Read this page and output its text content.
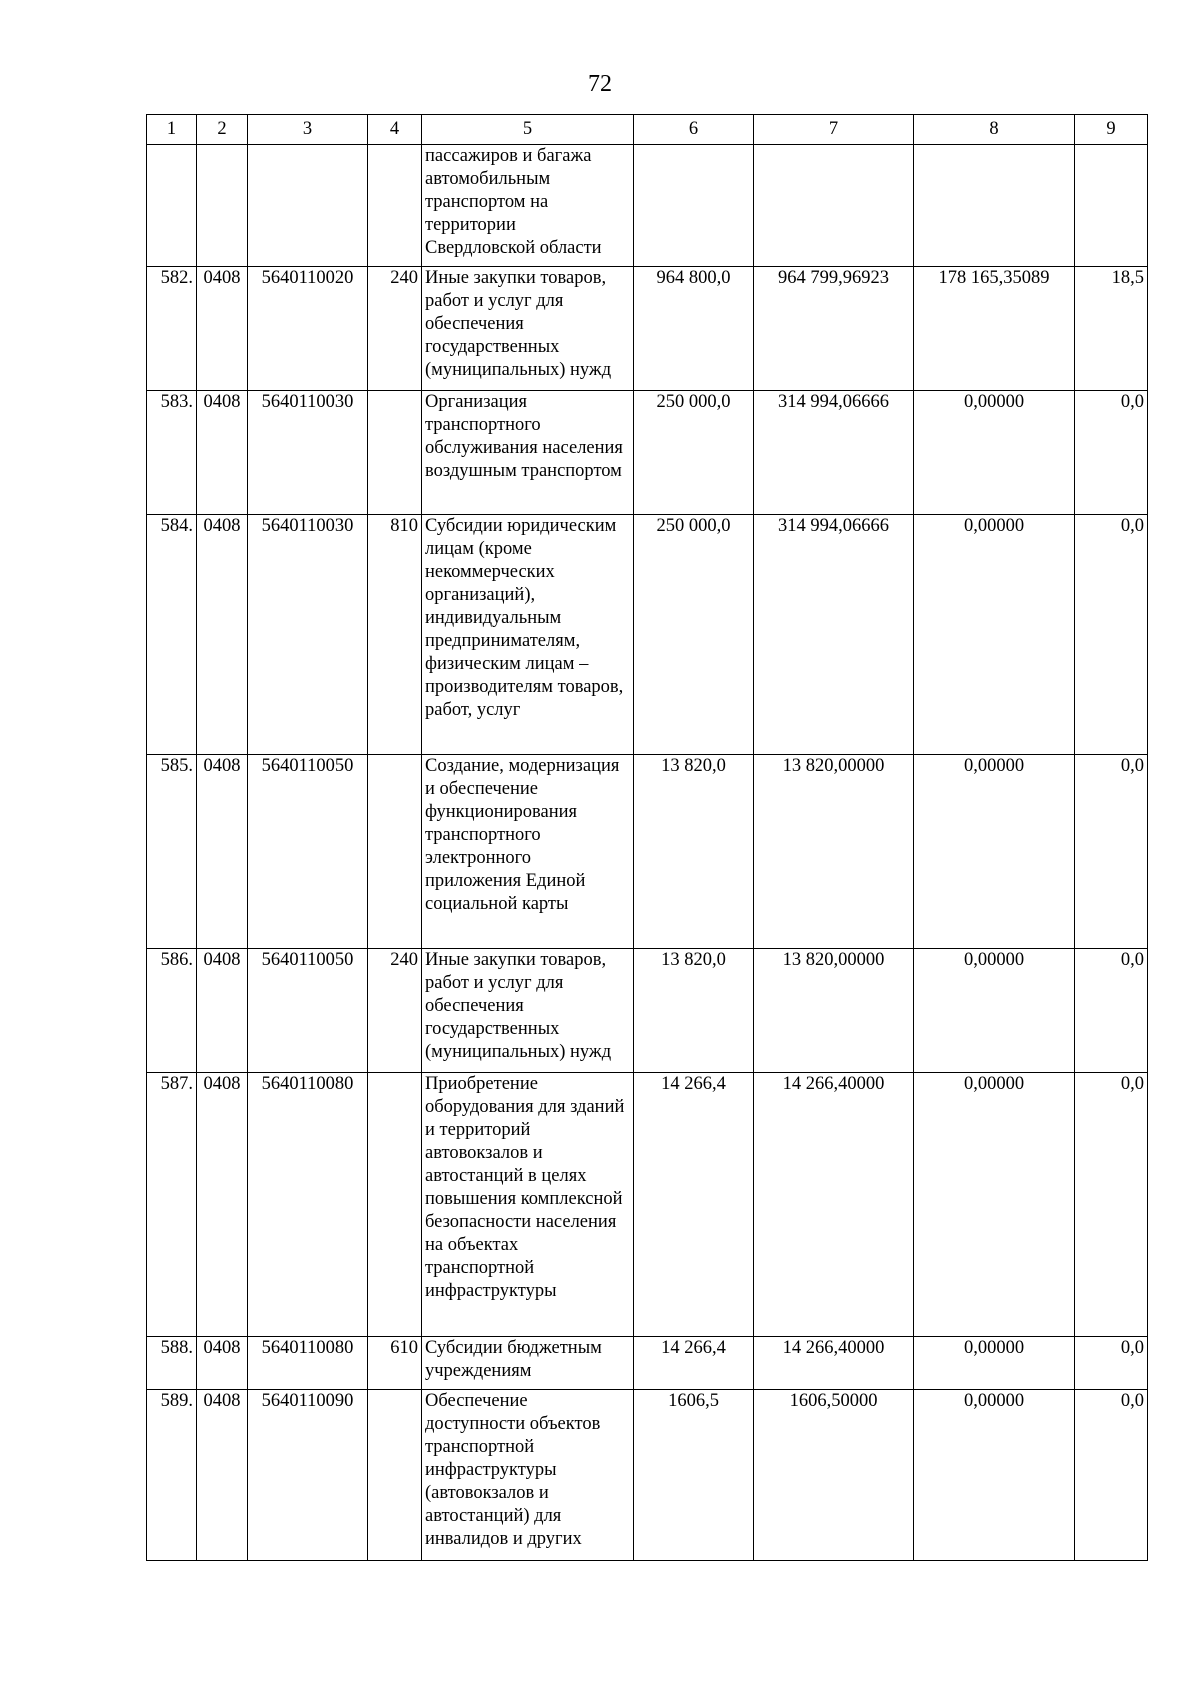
72
1	2	3	4	5	6	7	8	9
				пассажиров и багажа автомобильным транспортом на территории Свердловской области				
582.	0408	5640110020	240	Иные закупки товаров, работ и услуг для обеспечения государственных (муниципальных) нужд	964 800,0	964 799,96923	178 165,35089	18,5
583.	0408	5640110030		Организация транспортного обслуживания населения воздушным транспортом	250 000,0	314 994,06666	0,00000	0,0
584.	0408	5640110030	810	Субсидии юридическим лицам (кроме некоммерческих организаций), индивидуальным предпринимателям, физическим лицам – производителям товаров, работ, услуг	250 000,0	314 994,06666	0,00000	0,0
585.	0408	5640110050		Создание, модернизация и обеспечение функционирования транспортного электронного приложения Единой социальной карты	13 820,0	13 820,00000	0,00000	0,0
586.	0408	5640110050	240	Иные закупки товаров, работ и услуг для обеспечения государственных (муниципальных) нужд	13 820,0	13 820,00000	0,00000	0,0
587.	0408	5640110080		Приобретение оборудования для зданий и территорий автовокзалов и автостанций в целях повышения комплексной безопасности населения на объектах транспортной инфраструктуры	14 266,4	14 266,40000	0,00000	0,0
588.	0408	5640110080	610	Субсидии бюджетным учреждениям	14 266,4	14 266,40000	0,00000	0,0
589.	0408	5640110090		Обеспечение доступности объектов транспортной инфраструктуры (автовокзалов и автостанций) для инвалидов и других	1606,5	1606,50000	0,00000	0,0
